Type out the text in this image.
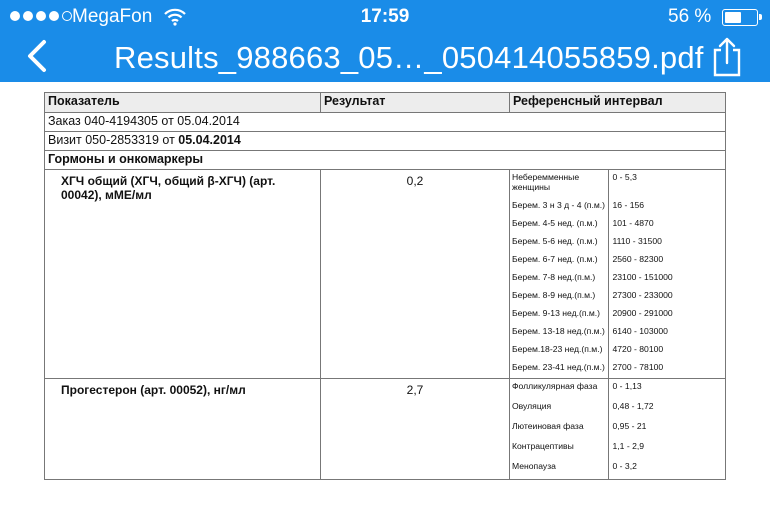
MegaFon	17:59	56 %
Results_988663_05…_050414055859.pdf
Показатель	Результат	Референсный интервал
Заказ 040-4194305 от 05.04.2014
Визит 050-2853319 от 05.04.2014
Гормоны и онкомаркеры
ХГЧ общий (ХГЧ, общий β-ХГЧ) (арт. 00042), мМЕ/мл	0,2		Неберемменные женщины	0 - 5,3
Берем. 3 н 3 д - 4 (п.м.)	16 - 156
Берем. 4-5 нед. (п.м.)	101 - 4870
Берем. 5-6 нед. (п.м.)	1110 - 31500
Берем. 6-7 нед. (п.м.)	2560 - 82300
Берем. 7-8 нед.(п.м.)	23100 - 151000
Берем. 8-9 нед.(п.м.)	27300 - 233000
Берем. 9-13 нед.(п.м.)	20900 - 291000
Берем. 13-18 нед.(п.м.)	6140 - 103000
Берем.18-23 нед.(п.м.)	4720 - 80100
Берем. 23-41 нед.(п.м.)	2700 - 78100

Прогестерон (арт. 00052), нг/мл	2,7		Фолликулярная фаза	0 - 1,13
Овуляция	0,48 - 1,72
Лютеиновая фаза	0,95 - 21
Контрацептивы	1,1 - 2,9
Менопауза	0 - 3,2
